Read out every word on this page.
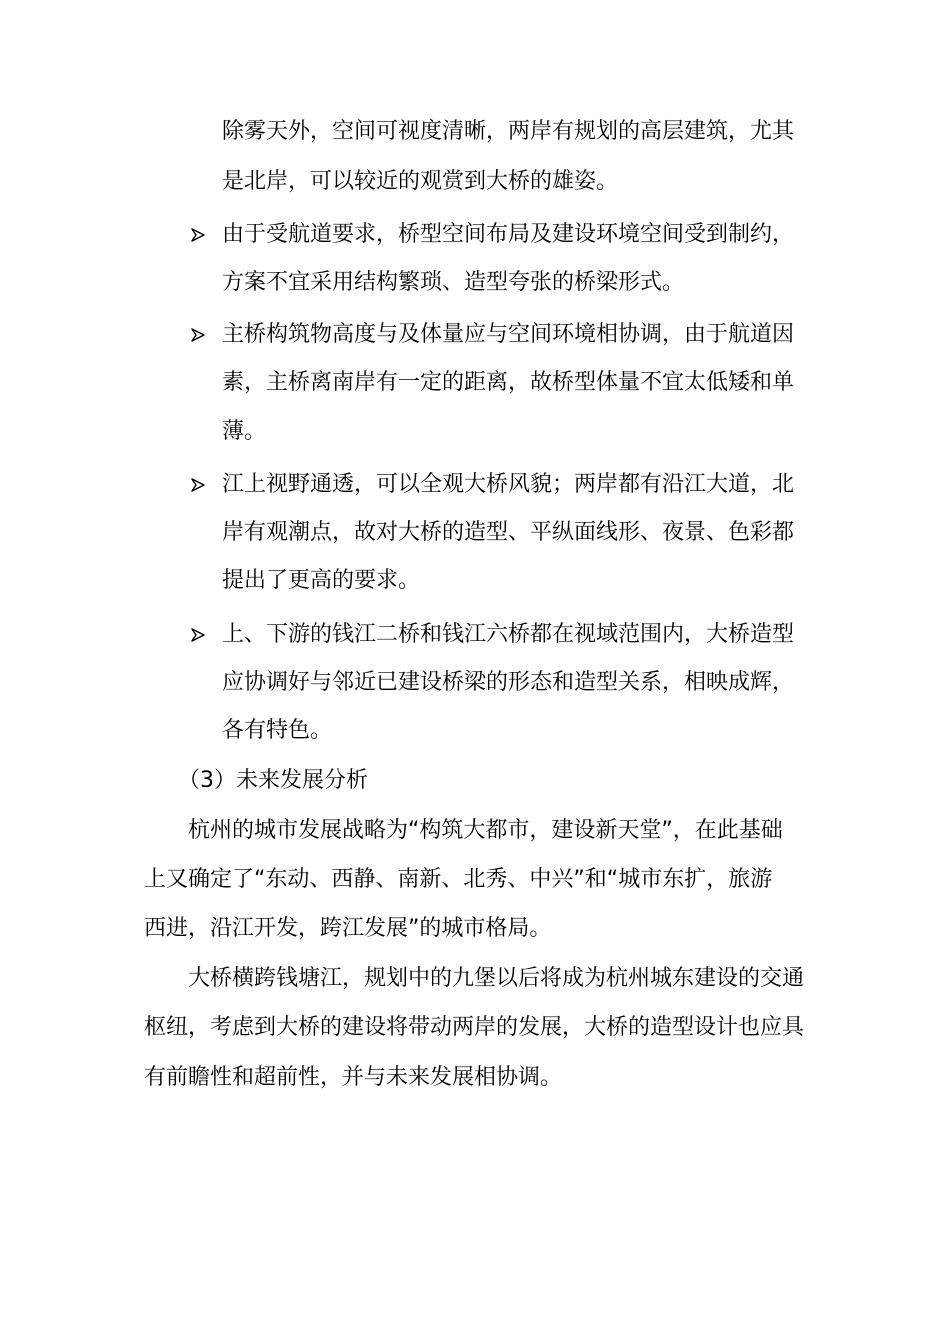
除雾天外，空间可视度清晰，两岸有规划的高层建筑，尤其
是北岸，可以较近的观赏到大桥的雄姿。
由于受航道要求，桥型空间布局及建设环境空间受到制约，
方案不宜采用结构繁琐、造型夸张的桥梁形式。
主桥构筑物高度与及体量应与空间环境相协调，由于航道因
素，主桥离南岸有一定的距离，故桥型体量不宜太低矮和单
薄。
江上视野通透，可以全观大桥风貌；两岸都有沿江大道，北
岸有观潮点，故对大桥的造型、平纵面线形、夜景、色彩都
提出了更高的要求。
上、下游的钱江二桥和钱江六桥都在视域范围内，大桥造型
应协调好与邻近已建设桥梁的形态和造型关系，相映成辉，
各有特色。
（3）未来发展分析
杭州的城市发展战略为“构筑大都市，建设新天堂”，在此基础
上又确定了“东动、西静、南新、北秀、中兴”和“城市东扩，旅游
西进，沿江开发，跨江发展”的城市格局。
大桥横跨钱塘江，规划中的九堡以后将成为杭州城东建设的交通
枢纽，考虑到大桥的建设将带动两岸的发展，大桥的造型设计也应具
有前瞻性和超前性，并与未来发展相协调。
